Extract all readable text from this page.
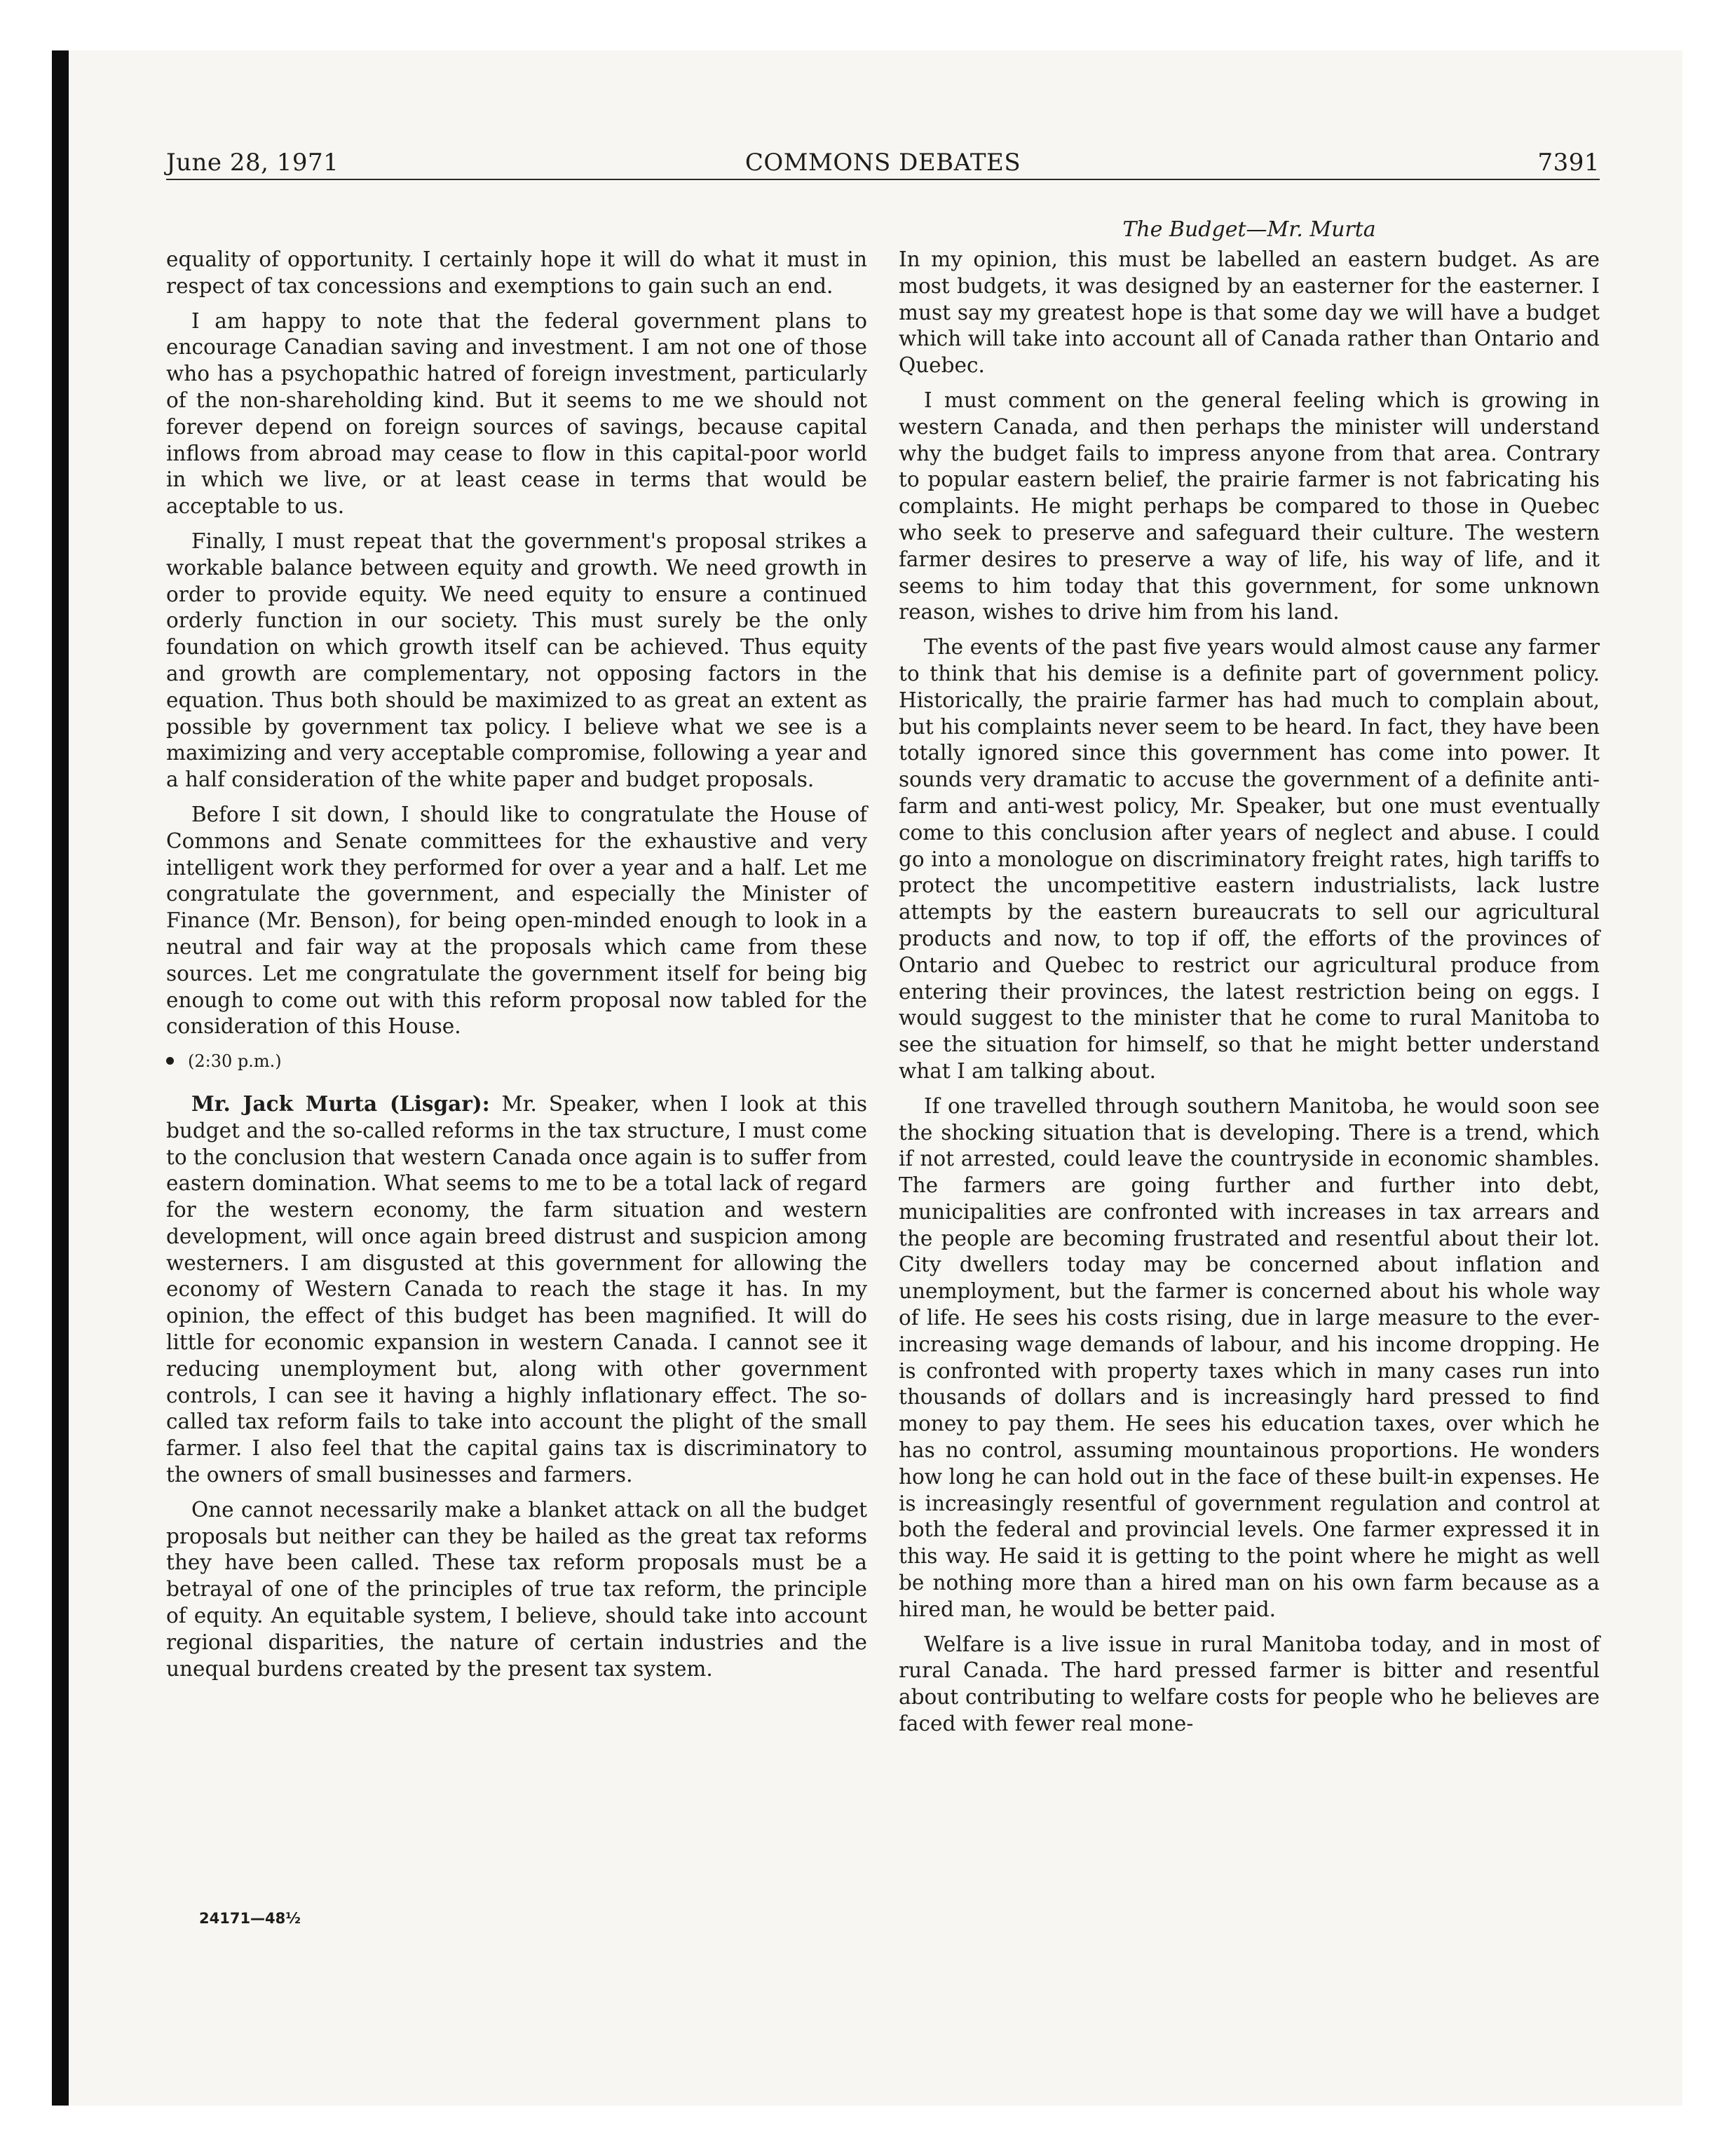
June 28, 1971	COMMONS DEBATES	7391
The Budget—Mr. Murta

equality of opportunity. I certainly hope it will do what it must in respect of tax concessions and exemptions to gain such an end.

I am happy to note that the federal government plans to encourage Canadian saving and investment. I am not one of those who has a psychopathic hatred of foreign investment, particularly of the non-shareholding kind. But it seems to me we should not forever depend on foreign sources of savings, because capital inflows from abroad may cease to flow in this capital-poor world in which we live, or at least cease in terms that would be acceptable to us.

Finally, I must repeat that the government's proposal strikes a workable balance between equity and growth. We need growth in order to provide equity. We need equity to ensure a continued orderly function in our society. This must surely be the only foundation on which growth itself can be achieved. Thus equity and growth are complementary, not opposing factors in the equation. Thus both should be maximized to as great an extent as possible by government tax policy. I believe what we see is a maximizing and very acceptable compromise, following a year and a half consideration of the white paper and budget proposals.

Before I sit down, I should like to congratulate the House of Commons and Senate committees for the exhaustive and very intelligent work they performed for over a year and a half. Let me congratulate the government, and especially the Minister of Finance (Mr. Benson), for being open-minded enough to look in a neutral and fair way at the proposals which came from these sources. Let me congratulate the government itself for being big enough to come out with this reform proposal now tabled for the consideration of this House.

(2:30 p.m.)

Mr. Jack Murta (Lisgar): Mr. Speaker, when I look at this budget and the so-called reforms in the tax structure, I must come to the conclusion that western Canada once again is to suffer from eastern domination. What seems to me to be a total lack of regard for the western economy, the farm situation and western development, will once again breed distrust and suspicion among westerners. I am disgusted at this government for allowing the economy of Western Canada to reach the stage it has. In my opinion, the effect of this budget has been magnified. It will do little for economic expansion in western Canada. I cannot see it reducing unemployment but, along with other government controls, I can see it having a highly inflationary effect. The so-called tax reform fails to take into account the plight of the small farmer. I also feel that the capital gains tax is discriminatory to the owners of small businesses and farmers.

One cannot necessarily make a blanket attack on all the budget proposals but neither can they be hailed as the great tax reforms they have been called. These tax reform proposals must be a betrayal of one of the principles of true tax reform, the principle of equity. An equitable system, I believe, should take into account regional disparities, the nature of certain industries and the unequal burdens created by the present tax system.

In my opinion, this must be labelled an eastern budget. As are most budgets, it was designed by an easterner for the easterner. I must say my greatest hope is that some day we will have a budget which will take into account all of Canada rather than Ontario and Quebec.

I must comment on the general feeling which is growing in western Canada, and then perhaps the minister will understand why the budget fails to impress anyone from that area. Contrary to popular eastern belief, the prairie farmer is not fabricating his complaints. He might perhaps be compared to those in Quebec who seek to preserve and safeguard their culture. The western farmer desires to preserve a way of life, his way of life, and it seems to him today that this government, for some unknown reason, wishes to drive him from his land.

The events of the past five years would almost cause any farmer to think that his demise is a definite part of government policy. Historically, the prairie farmer has had much to complain about, but his complaints never seem to be heard. In fact, they have been totally ignored since this government has come into power. It sounds very dramatic to accuse the government of a definite anti-farm and anti-west policy, Mr. Speaker, but one must eventually come to this conclusion after years of neglect and abuse. I could go into a monologue on discriminatory freight rates, high tariffs to protect the uncompetitive eastern industrialists, lack lustre attempts by the eastern bureaucrats to sell our agricultural products and now, to top if off, the efforts of the provinces of Ontario and Quebec to restrict our agricultural produce from entering their provinces, the latest restriction being on eggs. I would suggest to the minister that he come to rural Manitoba to see the situation for himself, so that he might better understand what I am talking about.

If one travelled through southern Manitoba, he would soon see the shocking situation that is developing. There is a trend, which if not arrested, could leave the countryside in economic shambles. The farmers are going further and further into debt, municipalities are confronted with increases in tax arrears and the people are becoming frustrated and resentful about their lot. City dwellers today may be concerned about inflation and unemployment, but the farmer is concerned about his whole way of life. He sees his costs rising, due in large measure to the ever-increasing wage demands of labour, and his income dropping. He is confronted with property taxes which in many cases run into thousands of dollars and is increasingly hard pressed to find money to pay them. He sees his education taxes, over which he has no control, assuming mountainous proportions. He wonders how long he can hold out in the face of these built-in expenses. He is increasingly resentful of government regulation and control at both the federal and provincial levels. One farmer expressed it in this way. He said it is getting to the point where he might as well be nothing more than a hired man on his own farm because as a hired man, he would be better paid.

Welfare is a live issue in rural Manitoba today, and in most of rural Canada. The hard pressed farmer is bitter and resentful about contributing to welfare costs for people who he believes are faced with fewer real mone-

24171—48½
